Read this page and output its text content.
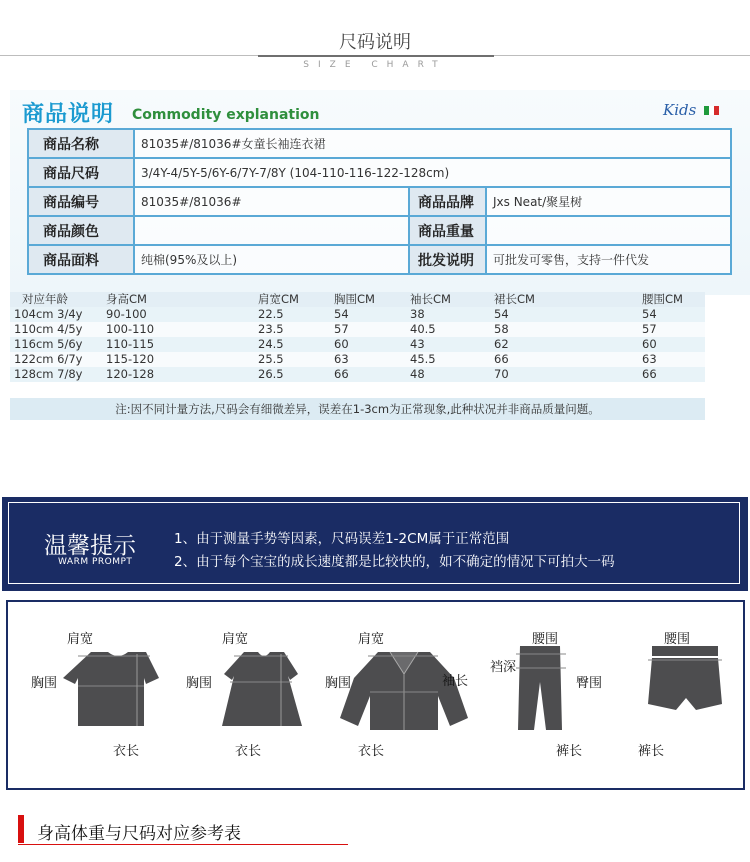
尺码说明
SIZE CHART
商品说明 Commodity explanation	Kids
商品名称	81035#/81036#女童长袖连衣裙		
商品尺码	3/4Y-4/5Y-5/6Y-6/7Y-7/8Y (104-110-116-122-128cm)		
商品编号	81035#/81036#	商品品牌	Jxs Neat/聚星树
商品颜色		商品重量	
商品面料	纯棉(95%及以上)	批发说明	可批发可零售，支持一件代发
对应年龄	身高CM	肩宽CM	胸围CM	袖长CM	裙长CM	腰围CM
104cm 3/4y	90-100	22.5	54	38	54	54
110cm 4/5y	100-110	23.5	57	40.5	58	57
116cm 5/6y	110-115	24.5	60	43	62	60
122cm 6/7y	115-120	25.5	63	45.5	66	63
128cm 7/8y	120-128	26.5	66	48	70	66
注:因不同计量方法,尺码会有细微差异，误差在1-3cm为正常现象,此种状况并非商品质量问题。
温馨提示
WARM PROMPT
1、由于测量手势等因素，尺码误差1-2CM属于正常范围
2、由于每个宝宝的成长速度都是比较快的，如不确定的情况下可拍大一码
肩宽
胸围
衣长
肩宽
胸围
衣长
肩宽
胸围	袖长
衣长
腰围
裆深
臀围
裤长
腰围
裤长
身高体重与尺码对应参考表
